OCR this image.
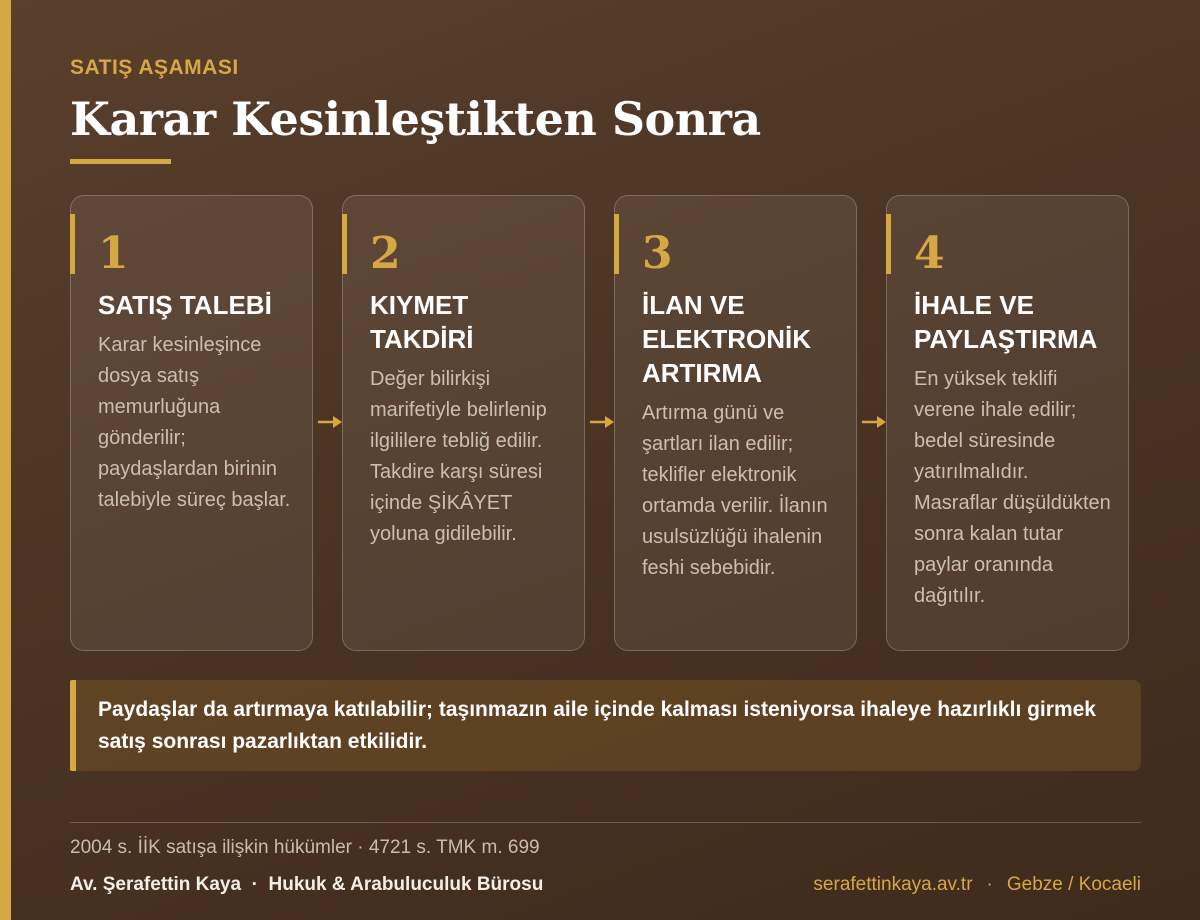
SATIŞ AŞAMASI
Karar Kesinleştikten Sonra
1
SATIŞ TALEBİ
Karar kesinleşince dosya satış memurluğuna gönderilir; paydaşlardan birinin talebiyle süreç başlar.
2
KIYMET TAKDİRİ
Değer bilirkişi marifetiyle belirlenip ilgililere tebliğ edilir. Takdire karşı süresi içinde ŞİKÂYET yoluna gidilebilir.
3
İLAN VE ELEKTRONİK ARTIRMA
Artırma günü ve şartları ilan edilir; teklifler elektronik ortamda verilir. İlanın usulsüzlüğü ihalenin feshi sebebidir.
4
İHALE VE PAYLAŞTIRMA
En yüksek teklifi verene ihale edilir; bedel süresinde yatırılmalıdır. Masraflar düşüldükten sonra kalan tutar paylar oranında dağıtılır.
Paydaşlar da artırmaya katılabilir; taşınmazın aile içinde kalması isteniyorsa ihaleye hazırlıklı girmek satış sonrası pazarlıktan etkilidir.
2004 s. İİK satışa ilişkin hükümler · 4721 s. TMK m. 699
Av. Şerafettin Kaya  ·  Hukuk & Arabuluculuk Bürosu	serafettinkaya.av.tr · Gebze / Kocaeli
